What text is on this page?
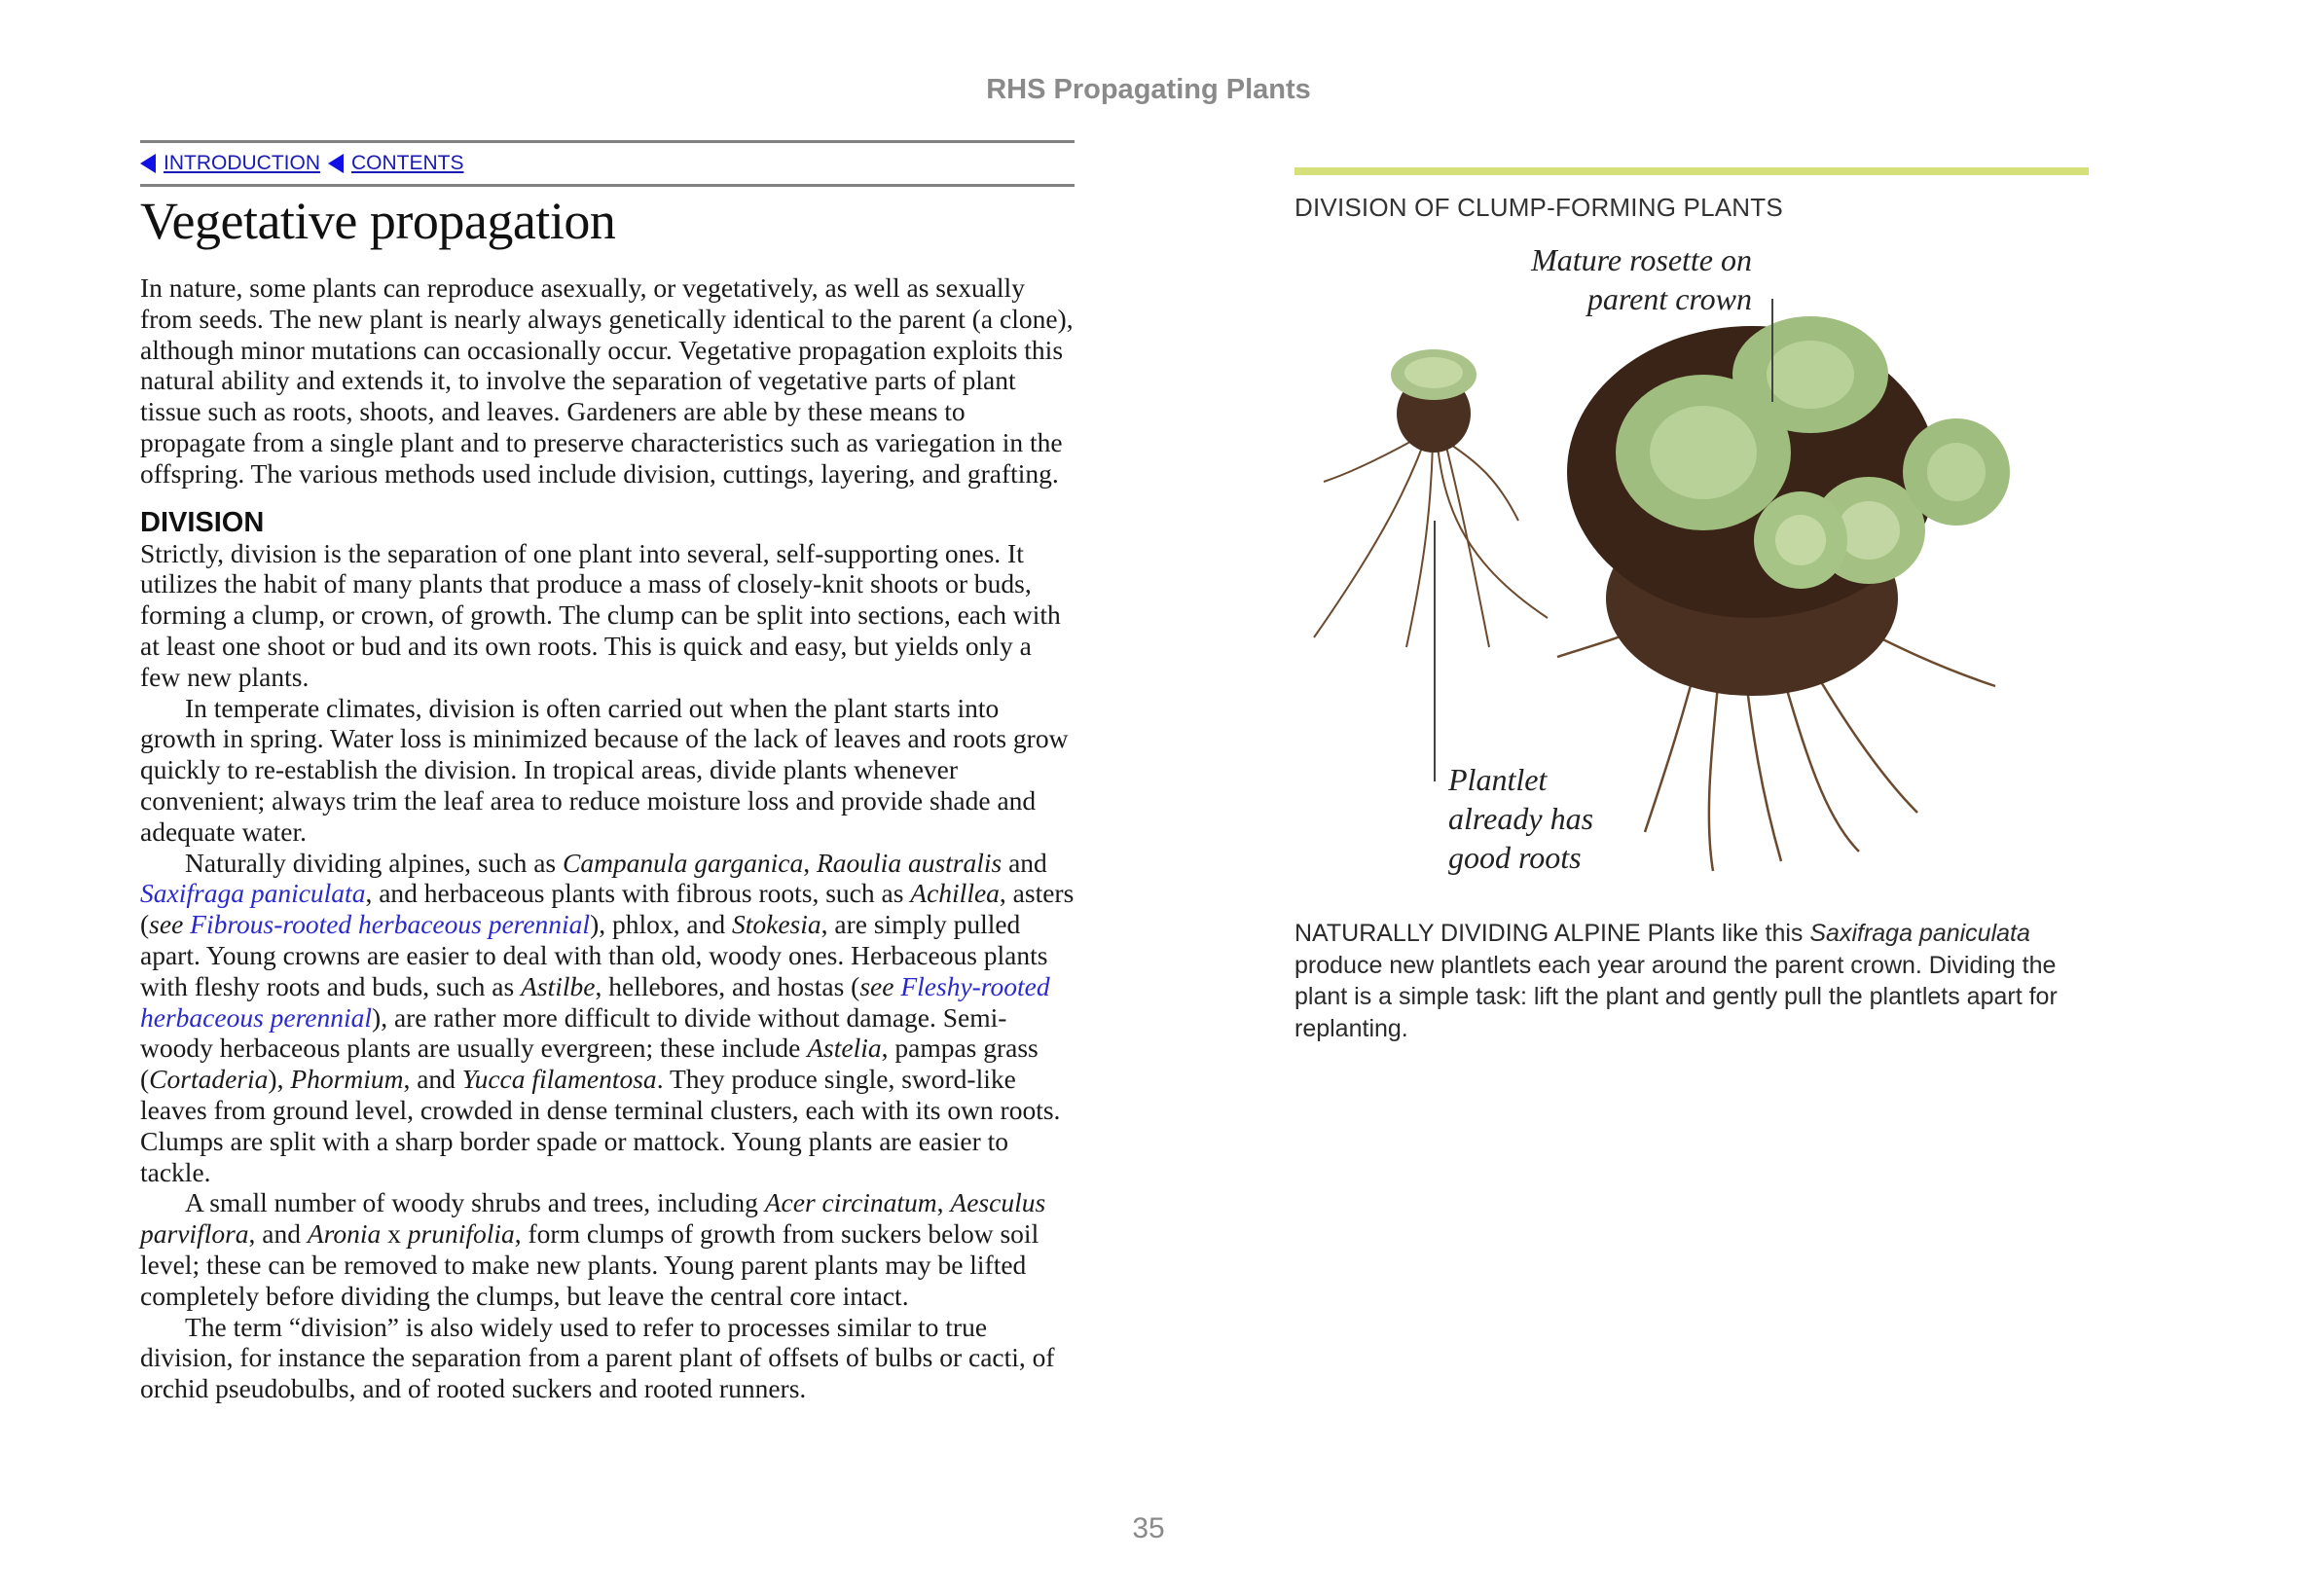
RHS Propagating Plants
INTRODUCTION CONTENTS
Vegetative propagation

In nature, some plants can reproduce asexually, or vegetatively, as well as sexually from seeds. The new plant is nearly always genetically identical to the parent (a clone), although minor mutations can occasionally occur. Vegetative propagation exploits this natural ability and extends it, to involve the separation of vegetative parts of plant tissue such as roots, shoots, and leaves. Gardeners are able by these means to propagate from a single plant and to preserve characteristics such as variegation in the offspring. The various methods used include division, cuttings, layering, and grafting.

DIVISION

Strictly, division is the separation of one plant into several, self-supporting ones. It utilizes the habit of many plants that produce a mass of closely-knit shoots or buds, forming a clump, or crown, of growth. The clump can be split into sections, each with at least one shoot or bud and its own roots. This is quick and easy, but yields only a few new plants.

In temperate climates, division is often carried out when the plant starts into growth in spring. Water loss is minimized because of the lack of leaves and roots grow quickly to re-establish the division. In tropical areas, divide plants whenever convenient; always trim the leaf area to reduce moisture loss and provide shade and adequate water.

Naturally dividing alpines, such as Campanula garganica, Raoulia australis and Saxifraga paniculata, and herbaceous plants with fibrous roots, such as Achillea, asters (see Fibrous-rooted herbaceous perennial), phlox, and Stokesia, are simply pulled apart. Young crowns are easier to deal with than old, woody ones. Herbaceous plants with fleshy roots and buds, such as Astilbe, hellebores, and hostas (see Fleshy-rooted herbaceous perennial), are rather more difficult to divide without damage. Semi-woody herbaceous plants are usually evergreen; these include Astelia, pampas grass (Cortaderia), Phormium, and Yucca filamentosa. They produce single, sword-like leaves from ground level, crowded in dense terminal clusters, each with its own roots. Clumps are split with a sharp border spade or mattock. Young plants are easier to tackle.

A small number of woody shrubs and trees, including Acer circinatum, Aesculus parviflora, and Aronia x prunifolia, form clumps of growth from suckers below soil level; these can be removed to make new plants. Young parent plants may be lifted completely before dividing the clumps, but leave the central core intact.

The term “division” is also widely used to refer to processes similar to true division, for instance the separation from a parent plant of offsets of bulbs or cacti, of orchid pseudobulbs, and of rooted suckers and rooted runners.

DIVISION OF CLUMP-FORMING PLANTS
Mature rosette on
parent crown
Plantlet
already has
good roots
NATURALLY DIVIDING ALPINE Plants like this Saxifraga paniculata produce new plantlets each year around the parent crown. Dividing the plant is a simple task: lift the plant and gently pull the plantlets apart for replanting.
35
